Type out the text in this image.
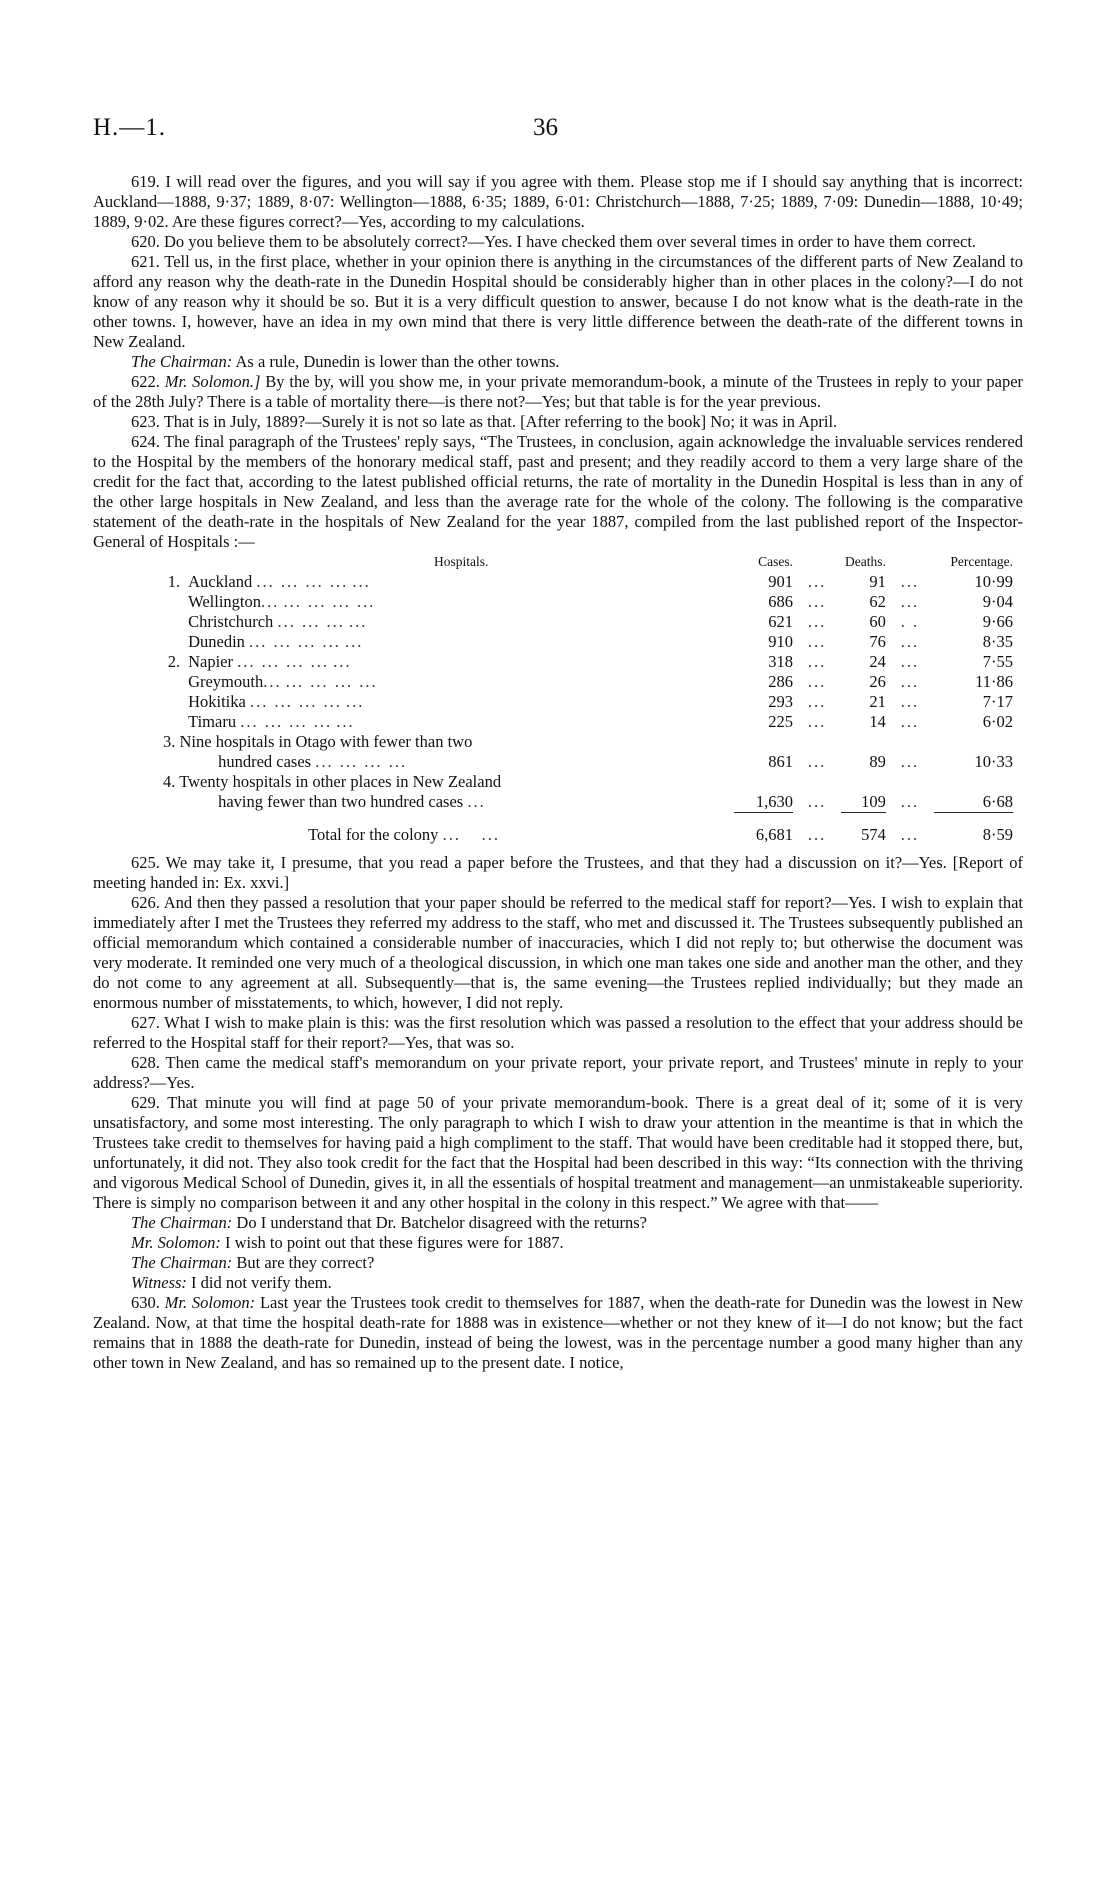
H.—1.	36

619. I will read over the figures, and you will say if you agree with them. Please stop me if I should say anything that is incorrect: Auckland—1888, 9·37; 1889, 8·07: Wellington—1888, 6·35; 1889, 6·01: Christchurch—1888, 7·25; 1889, 7·09: Dunedin—1888, 10·49; 1889, 9·02. Are these figures correct?—Yes, according to my calculations.

620. Do you believe them to be absolutely correct?—Yes. I have checked them over several times in order to have them correct.

621. Tell us, in the first place, whether in your opinion there is anything in the circumstances of the different parts of New Zealand to afford any reason why the death-rate in the Dunedin Hospital should be considerably higher than in other places in the colony?—I do not know of any reason why it should be so. But it is a very difficult question to answer, because I do not know what is the death-rate in the other towns. I, however, have an idea in my own mind that there is very little difference between the death-rate of the different towns in New Zealand.

The Chairman: As a rule, Dunedin is lower than the other towns.

622. Mr. Solomon.] By the by, will you show me, in your private memorandum-book, a minute of the Trustees in reply to your paper of the 28th July? There is a table of mortality there—is there not?—Yes; but that table is for the year previous.

623. That is in July, 1889?—Surely it is not so late as that. [After referring to the book] No; it was in April.

624. The final paragraph of the Trustees' reply says, “The Trustees, in conclusion, again acknowledge the invaluable services rendered to the Hospital by the members of the honorary medical staff, past and present; and they readily accord to them a very large share of the credit for the fact that, according to the latest published official returns, the rate of mortality in the Dunedin Hospital is less than in any of the other large hospitals in New Zealand, and less than the average rate for the whole of the colony. The following is the comparative statement of the death-rate in the hospitals of New Zealand for the year 1887, compiled from the last published report of the Inspector-General of Hospitals :—

	Hospitals.	Cases.		Deaths.		Percentage.
1.	Auckland ... ... ... ... ...	901	...	91	...	10·99
	Wellington... ... ... ... ...	686	...	62	...	9·04
	Christchurch ... ... ... ...	621	...	60	. .	9·66
	Dunedin ... ... ... ... ...	910	...	76	...	8·35
2.	Napier ... ... ... ... ...	318	...	24	...	7·55
	Greymouth... ... ... ... ...	286	...	26	...	11·86
	Hokitika ... ... ... ... ...	293	...	21	...	7·17
	Timaru ... ... ... ... ...	225	...	14	...	6·02
3. Nine hospitals in Otago with fewer than two						
	hundred cases ... ... ... ...	861	...	89	...	10·33
4. Twenty hospitals in other places in New Zealand						
	having fewer than two hundred cases ...	1,630	...	109	...	6·68

	Total for the colony ... ...	6,681	...	574	...	8·59

625. We may take it, I presume, that you read a paper before the Trustees, and that they had a discussion on it?—Yes. [Report of meeting handed in: Ex. xxvi.]

626. And then they passed a resolution that your paper should be referred to the medical staff for report?—Yes. I wish to explain that immediately after I met the Trustees they referred my address to the staff, who met and discussed it. The Trustees subsequently published an official memorandum which contained a considerable number of inaccuracies, which I did not reply to; but otherwise the document was very moderate. It reminded one very much of a theological discussion, in which one man takes one side and another man the other, and they do not come to any agreement at all. Subsequently—that is, the same evening—the Trustees replied individually; but they made an enormous number of misstatements, to which, however, I did not reply.

627. What I wish to make plain is this: was the first resolution which was passed a resolution to the effect that your address should be referred to the Hospital staff for their report?—Yes, that was so.

628. Then came the medical staff's memorandum on your private report, your private report, and Trustees' minute in reply to your address?—Yes.

629. That minute you will find at page 50 of your private memorandum-book. There is a great deal of it; some of it is very unsatisfactory, and some most interesting. The only paragraph to which I wish to draw your attention in the meantime is that in which the Trustees take credit to themselves for having paid a high compliment to the staff. That would have been creditable had it stopped there, but, unfortunately, it did not. They also took credit for the fact that the Hospital had been described in this way: “Its connection with the thriving and vigorous Medical School of Dunedin, gives it, in all the essentials of hospital treatment and management—an unmistakeable superiority. There is simply no comparison between it and any other hospital in the colony in this respect.” We agree with that——

The Chairman: Do I understand that Dr. Batchelor disagreed with the returns?

Mr. Solomon: I wish to point out that these figures were for 1887.

The Chairman: But are they correct?

Witness: I did not verify them.

630. Mr. Solomon: Last year the Trustees took credit to themselves for 1887, when the death-rate for Dunedin was the lowest in New Zealand. Now, at that time the hospital death-rate for 1888 was in existence—whether or not they knew of it—I do not know; but the fact remains that in 1888 the death-rate for Dunedin, instead of being the lowest, was in the percentage number a good many higher than any other town in New Zealand, and has so remained up to the present date. I notice,
